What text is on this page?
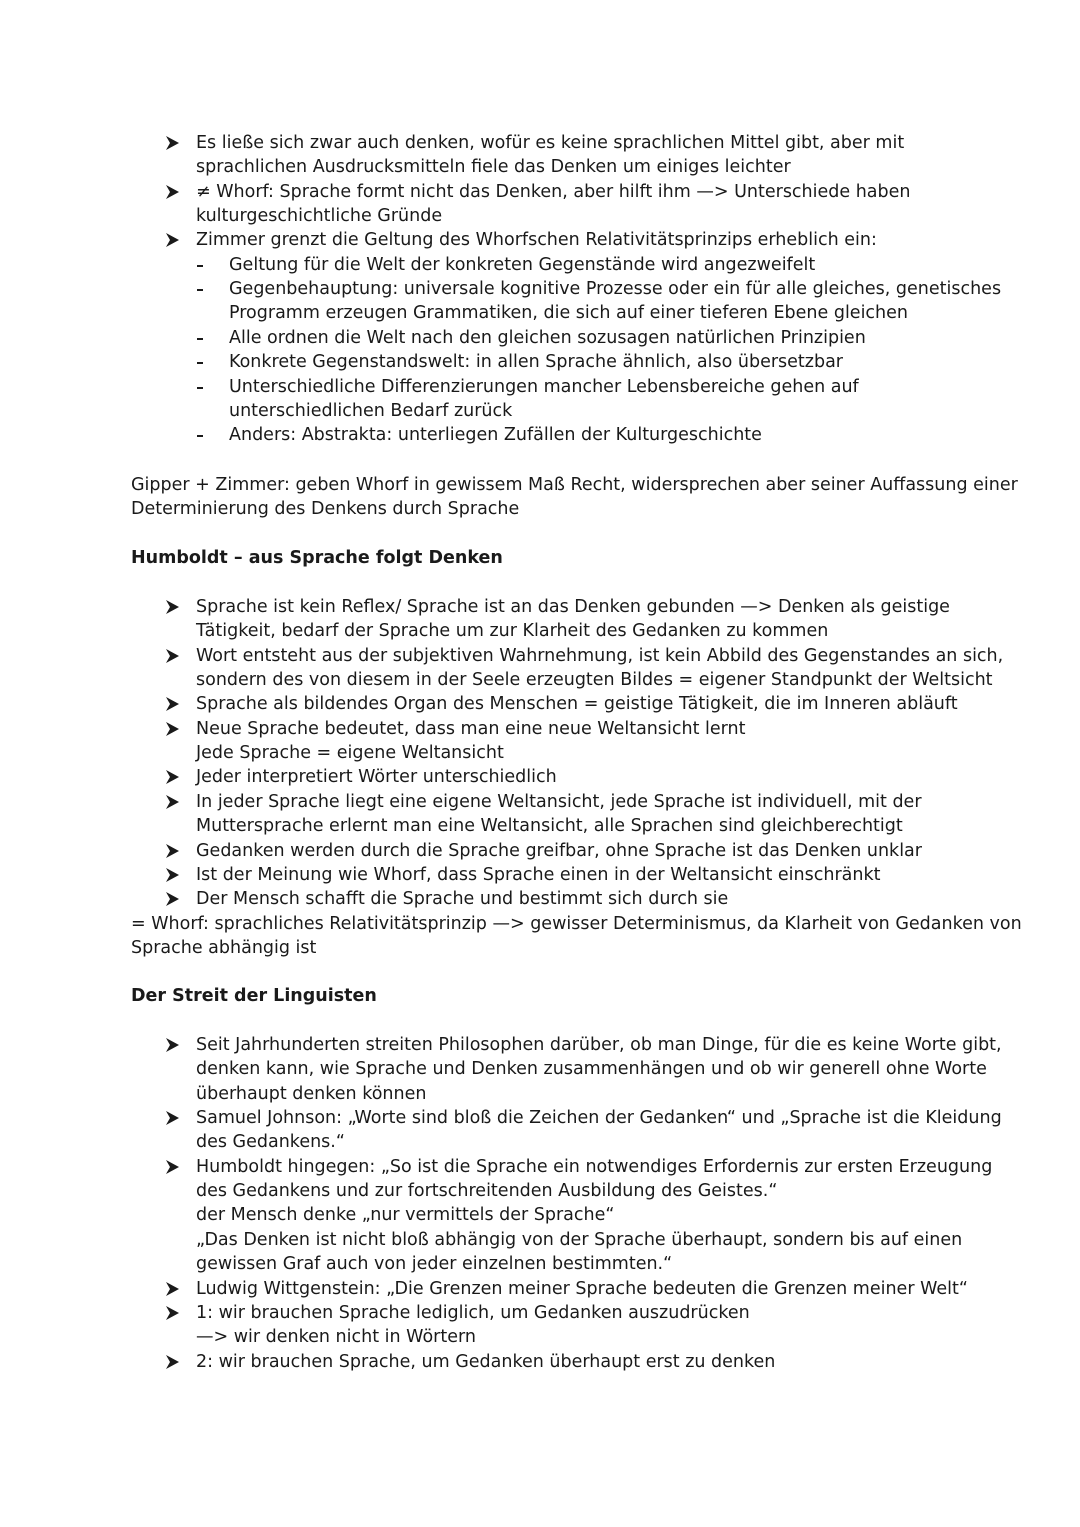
Es ließe sich zwar auch denken, wofür es keine sprachlichen Mittel gibt, aber mit
sprachlichen Ausdrucksmitteln fiele das Denken um einiges leichter
≠ Whorf: Sprache formt nicht das Denken, aber hilft ihm —> Unterschiede haben
kulturgeschichtliche Gründe
Zimmer grenzt die Geltung des Whorfschen Relativitätsprinzips erheblich ein:
Geltung für die Welt der konkreten Gegenstände wird angezweifelt
Gegenbehauptung: universale kognitive Prozesse oder ein für alle gleiches, genetisches
Programm erzeugen Grammatiken, die sich auf einer tieferen Ebene gleichen
Alle ordnen die Welt nach den gleichen sozusagen natürlichen Prinzipien
Konkrete Gegenstandswelt: in allen Sprache ähnlich, also übersetzbar
Unterschiedliche Differenzierungen mancher Lebensbereiche gehen auf
unterschiedlichen Bedarf zurück
Anders: Abstrakta: unterliegen Zufällen der Kulturgeschichte
Gipper + Zimmer: geben Whorf in gewissem Maß Recht, widersprechen aber seiner Auffassung einer
Determinierung des Denkens durch Sprache
Humboldt – aus Sprache folgt Denken
Sprache ist kein Reflex/ Sprache ist an das Denken gebunden —> Denken als geistige
Tätigkeit, bedarf der Sprache um zur Klarheit des Gedanken zu kommen
Wort entsteht aus der subjektiven Wahrnehmung, ist kein Abbild des Gegenstandes an sich,
sondern des von diesem in der Seele erzeugten Bildes = eigener Standpunkt der Weltsicht
Sprache als bildendes Organ des Menschen = geistige Tätigkeit, die im Inneren abläuft
Neue Sprache bedeutet, dass man eine neue Weltansicht lernt
Jede Sprache = eigene Weltansicht
Jeder interpretiert Wörter unterschiedlich
In jeder Sprache liegt eine eigene Weltansicht, jede Sprache ist individuell, mit der
Muttersprache erlernt man eine Weltansicht, alle Sprachen sind gleichberechtigt
Gedanken werden durch die Sprache greifbar, ohne Sprache ist das Denken unklar
Ist der Meinung wie Whorf, dass Sprache einen in der Weltansicht einschränkt
Der Mensch schafft die Sprache und bestimmt sich durch sie
= Whorf: sprachliches Relativitätsprinzip —> gewisser Determinismus, da Klarheit von Gedanken von
Sprache abhängig ist
Der Streit der Linguisten
Seit Jahrhunderten streiten Philosophen darüber, ob man Dinge, für die es keine Worte gibt,
denken kann, wie Sprache und Denken zusammenhängen und ob wir generell ohne Worte
überhaupt denken können
Samuel Johnson: „Worte sind bloß die Zeichen der Gedanken“ und „Sprache ist die Kleidung
des Gedankens.“
Humboldt hingegen: „So ist die Sprache ein notwendiges Erfordernis zur ersten Erzeugung
des Gedankens und zur fortschreitenden Ausbildung des Geistes.“
der Mensch denke „nur vermittels der Sprache“
„Das Denken ist nicht bloß abhängig von der Sprache überhaupt, sondern bis auf einen
gewissen Graf auch von jeder einzelnen bestimmten.“
Ludwig Wittgenstein: „Die Grenzen meiner Sprache bedeuten die Grenzen meiner Welt“
1: wir brauchen Sprache lediglich, um Gedanken auszudrücken
—> wir denken nicht in Wörtern
2: wir brauchen Sprache, um Gedanken überhaupt erst zu denken
